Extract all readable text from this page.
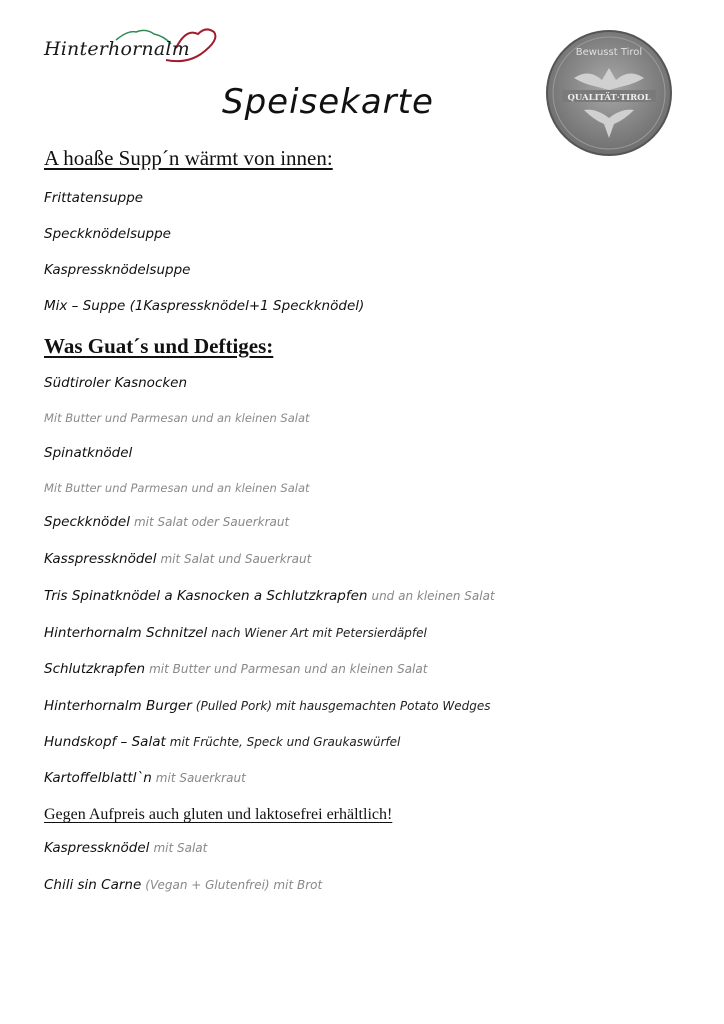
Hinterhornalm	Bewusst Tirol
QUALITÄT·TIROL
Speisekarte
A hoaße Supp´n wärmt von innen:
Frittatensuppe
Speckknödelsuppe
Kaspressknödelsuppe
Mix – Suppe (1Kaspressknödel+1 Speckknödel)
Was Guat´s und Deftiges:
Südtiroler Kasnocken
Mit Butter und Parmesan und an kleinen Salat
Spinatknödel
Mit Butter und Parmesan und an kleinen Salat
Speckknödel mit Salat oder Sauerkraut
Kasspressknödel mit Salat und Sauerkraut
Tris Spinatknödel a Kasnocken a Schlutzkrapfen und an kleinen Salat
Hinterhornalm Schnitzel nach Wiener Art mit Petersierdäpfel
Schlutzkrapfen mit Butter und Parmesan und an kleinen Salat
Hinterhornalm Burger (Pulled Pork) mit hausgemachten Potato Wedges
Hundskopf – Salat mit Früchte, Speck und Graukaswürfel
Kartoffelblattl`n mit Sauerkraut
Gegen Aufpreis auch gluten und laktosefrei erhältlich!
Kaspressknödel mit Salat
Chili sin Carne (Vegan + Glutenfrei) mit Brot
